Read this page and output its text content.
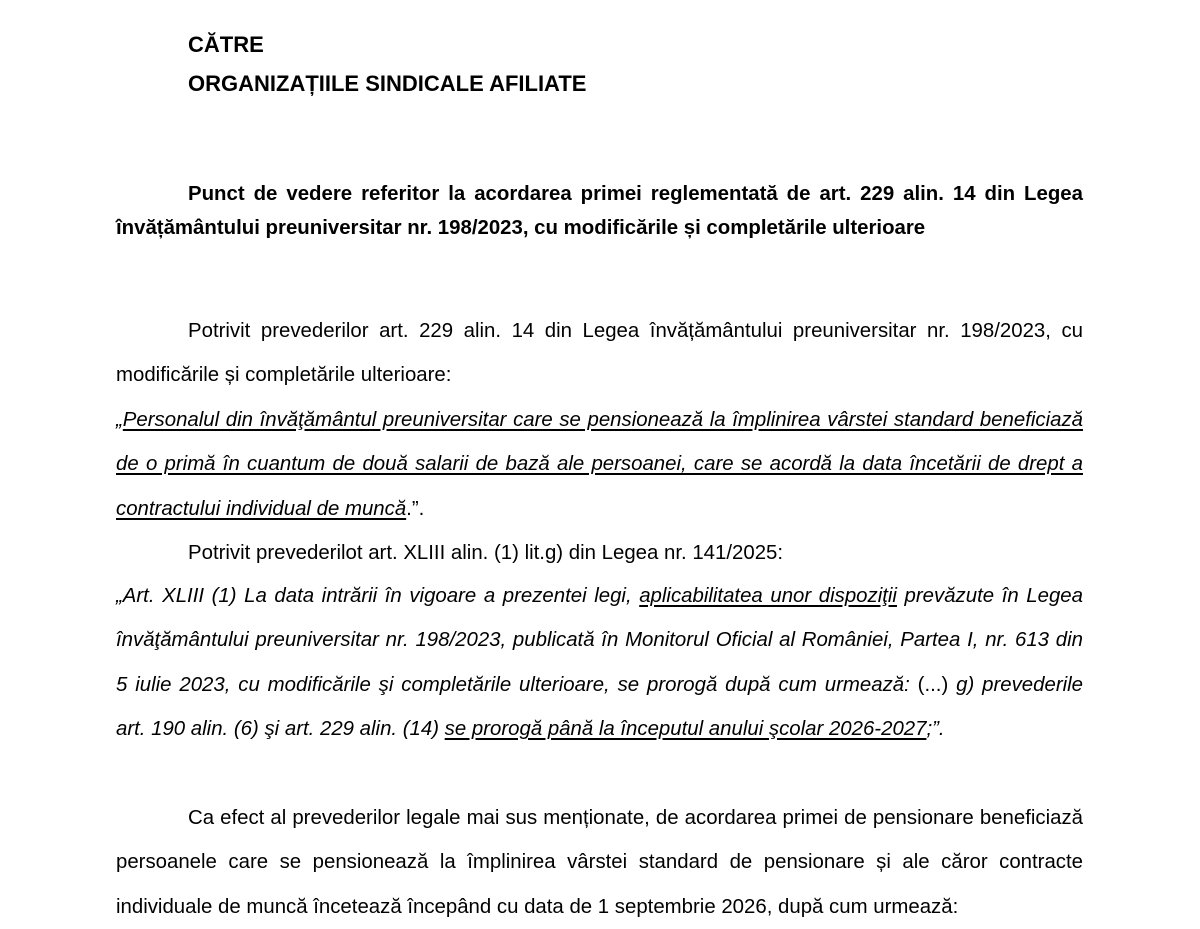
CĂTRE
ORGANIZAȚIILE SINDICALE AFILIATE

Punct de vedere referitor la acordarea primei reglementată de art. 229 alin. 14 din Legea învățământului preuniversitar nr. 198/2023, cu modificările și completările ulterioare

Potrivit prevederilor art. 229 alin. 14 din Legea învățământului preuniversitar nr. 198/2023, cu modificările și completările ulterioare:

„Personalul din învăţământul preuniversitar care se pensionează la împlinirea vârstei standard beneficiază de o primă în cuantum de două salarii de bază ale persoanei, care se acordă la data încetării de drept a contractului individual de muncă.”.

Potrivit prevederilot art. XLIII alin. (1) lit.g) din Legea nr. 141/2025:

„Art. XLIII (1) La data intrării în vigoare a prezentei legi, aplicabilitatea unor dispoziţii prevăzute în Legea învăţământului preuniversitar nr. 198/2023, publicată în Monitorul Oficial al României, Partea I, nr. 613 din 5 iulie 2023, cu modificările şi completările ulterioare, se prorogă după cum urmează: (...) g) prevederile art. 190 alin. (6) şi art. 229 alin. (14) se prorogă până la începutul anului şcolar 2026-2027;”.

Ca efect al prevederilor legale mai sus menționate, de acordarea primei de pensionare beneficiază persoanele care se pensionează la împlinirea vârstei standard de pensionare și ale căror contracte individuale de muncă încetează începând cu data de 1 septembrie 2026, după cum urmează:
